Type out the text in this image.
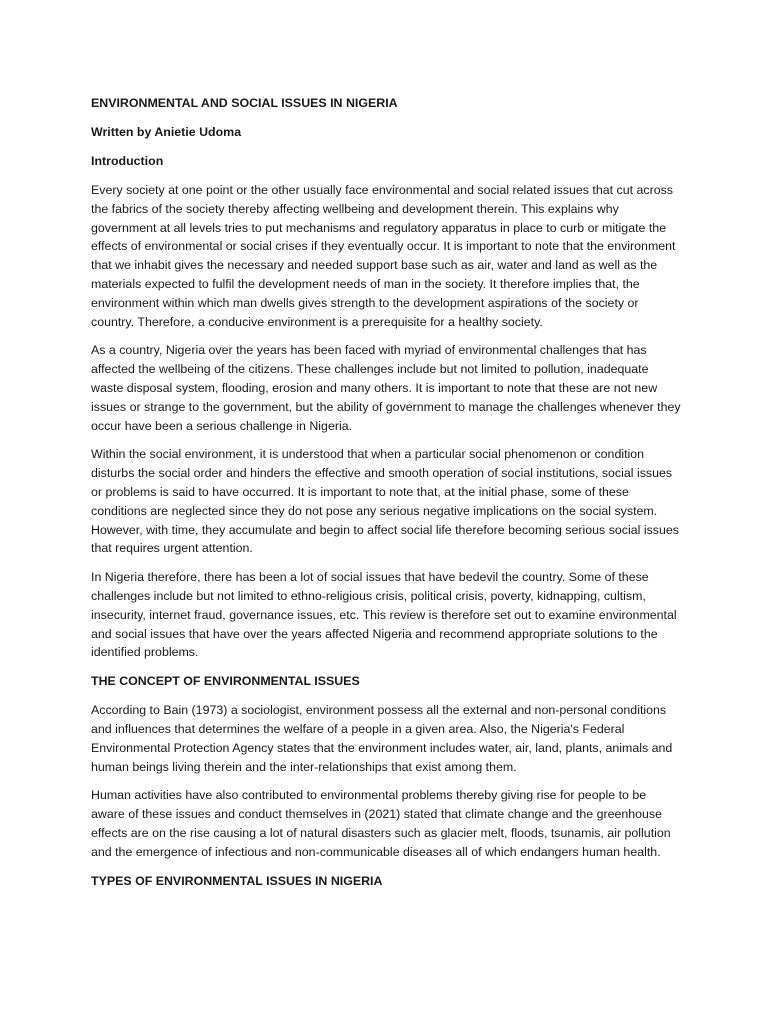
ENVIRONMENTAL AND SOCIAL ISSUES IN NIGERIA
Written by Anietie Udoma
Introduction

Every society at one point or the other usually face environmental and social related issues that cut across the fabrics of the society thereby affecting wellbeing and development therein. This explains why government at all levels tries to put mechanisms and regulatory apparatus in place to curb or mitigate the effects of environmental or social crises if they eventually occur. It is important to note that the environment that we inhabit gives the necessary and needed support base such as air, water and land as well as the materials expected to fulfil the development needs of man in the society. It therefore implies that, the environment within which man dwells gives strength to the development aspirations of the society or country. Therefore, a conducive environment is a prerequisite for a healthy society.

As a country, Nigeria over the years has been faced with myriad of environmental challenges that has affected the wellbeing of the citizens. These challenges include but not limited to pollution, inadequate waste disposal system, flooding, erosion and many others. It is important to note that these are not new issues or strange to the government, but the ability of government to manage the challenges whenever they occur have been a serious challenge in Nigeria.

Within the social environment, it is understood that when a particular social phenomenon or condition disturbs the social order and hinders the effective and smooth operation of social institutions, social issues or problems is said to have occurred. It is important to note that, at the initial phase, some of these conditions are neglected since they do not pose any serious negative implications on the social system. However, with time, they accumulate and begin to affect social life therefore becoming serious social issues that requires urgent attention.

In Nigeria therefore, there has been a lot of social issues that have bedevil the country. Some of these challenges include but not limited to ethno-religious crisis, political crisis, poverty, kidnapping, cultism, insecurity, internet fraud, governance issues, etc. This review is therefore set out to examine environmental and social issues that have over the years affected Nigeria and recommend appropriate solutions to the identified problems.

THE CONCEPT OF ENVIRONMENTAL ISSUES

According to Bain (1973) a sociologist, environment possess all the external and non-personal conditions and influences that determines the welfare of a people in a given area. Also, the Nigeria's Federal Environmental Protection Agency states that the environment includes water, air, land, plants, animals and human beings living therein and the inter-relationships that exist among them.

Human activities have also contributed to environmental problems thereby giving rise for people to be aware of these issues and conduct themselves in (2021) stated that climate change and the greenhouse effects are on the rise causing a lot of natural disasters such as glacier melt, floods, tsunamis, air pollution and the emergence of infectious and non-communicable diseases all of which endangers human health.

TYPES OF ENVIRONMENTAL ISSUES IN NIGERIA
